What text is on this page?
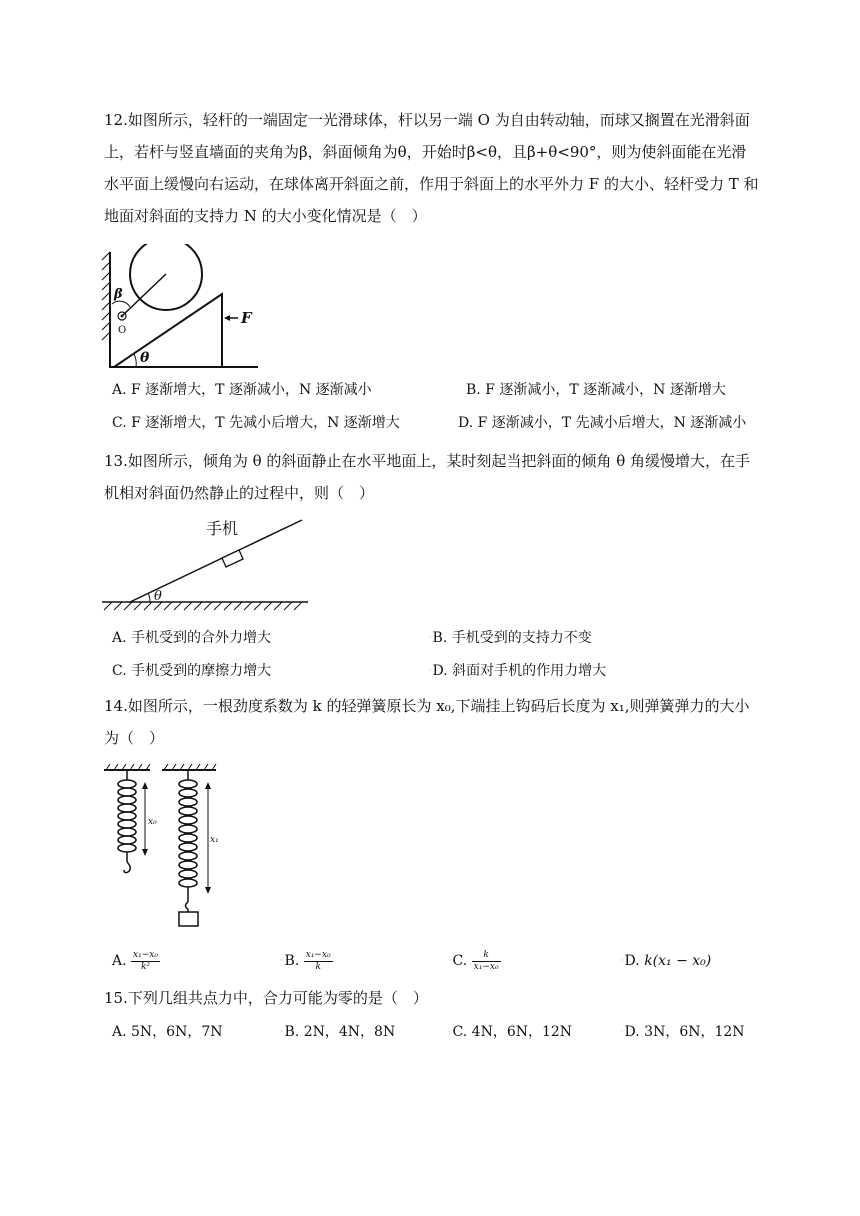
12.如图所示，轻杆的一端固定一光滑球体，杆以另一端 O 为自由转动轴，而球又搁置在光滑斜面上，若杆与竖直墙面的夹角为β，斜面倾角为θ，开始时β<θ，且β+θ<90°，则为使斜面能在光滑水平面上缓慢向右运动，在球体离开斜面之前，作用于斜面上的水平外力 F 的大小、轻杆受力 T 和地面对斜面的支持力 N 的大小变化情况是（　）

β
O
F
θ
A. F 逐渐增大，T 逐渐减小，N 逐渐减小	B. F 逐渐减小，T 逐渐减小，N 逐渐增大
C. F 逐渐增大，T 先减小后增大，N 逐渐增大	D. F 逐渐减小，T 先减小后增大，N 逐渐减小

13.如图所示，倾角为 θ 的斜面静止在水平地面上，某时刻起当把斜面的倾角 θ 角缓慢增大，在手机相对斜面仍然静止的过程中，则（　）

手机
θ
A. 手机受到的合外力增大	◦B. 手机受到的支持力不变
C. 手机受到的摩擦力增大	◦D. 斜面对手机的作用力增大

14.如图所示，一根劲度系数为 k 的轻弹簧原长为 x₀,下端挂上钩码后长度为 x₁,则弹簧弹力的大小为（　）

x₀
x₁
A. $\frac{\text{x₁−x₀}}{\text{k²}}$	◦B. $\frac{\text{x₁−x₀}}{k}$	◦C. $\frac{k}{\text{x₁−x₀}}$	◦D. k(x₁ − x₀)

15.下列几组共点力中，合力可能为零的是（　）

A. 5N，6N，7N	◦B. 2N，4N，8N	◦C. 4N，6N，12N	◦D. 3N，6N，12N
